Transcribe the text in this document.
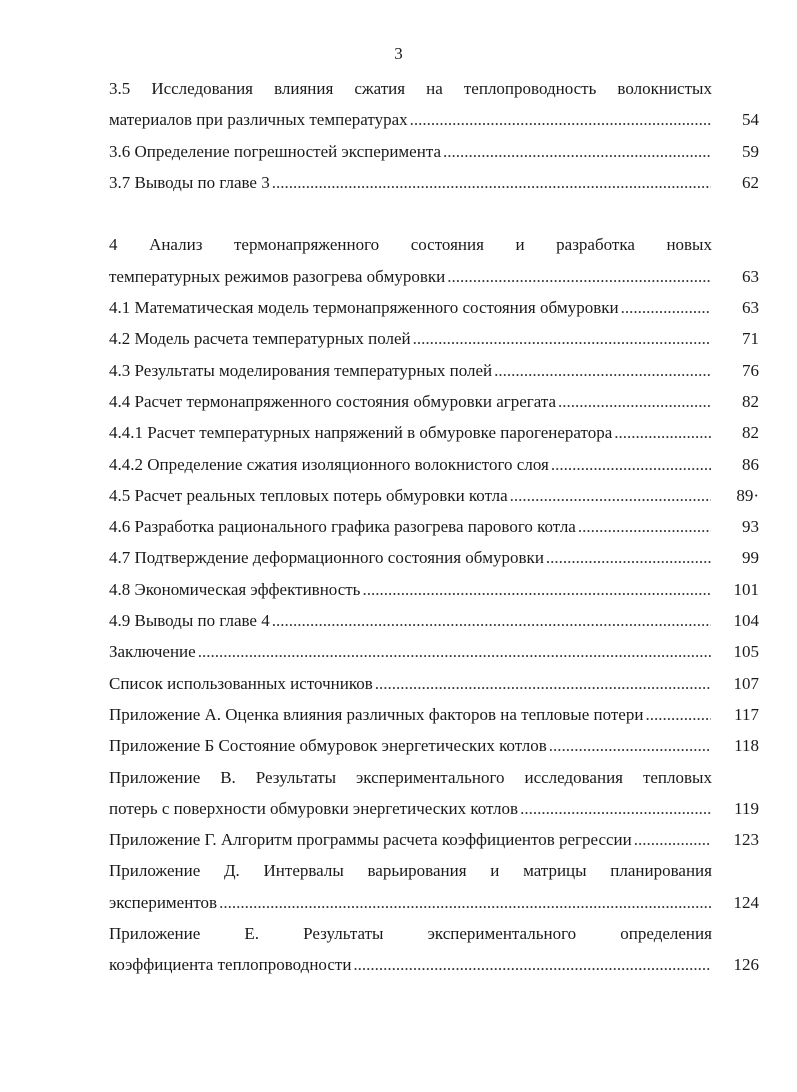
3
3.5 Исследования влияния сжатия на теплопроводность волокнистых
материалов при различных температурах .....	54
3.6 Определение погрешностей эксперимента .....	59
3.7 Выводы по главе 3 .....	62
4 Анализ термонапряженного состояния и разработка новых
температурных режимов разогрева обмуровки .....	63
4.1 Математическая модель термонапряженного состояния обмуровки .....	63
4.2 Модель расчета температурных полей .....	71
4.3 Результаты моделирования температурных полей .....	76
4.4 Расчет термонапряженного состояния обмуровки агрегата .....	82
4.4.1 Расчет температурных напряжений в обмуровке парогенератора .....	82
4.4.2 Определение сжатия изоляционного волокнистого слоя .....	86
4.5 Расчет реальных тепловых потерь обмуровки котла .....	89·
4.6 Разработка рационального графика разогрева парового котла .....	93
4.7 Подтверждение деформационного состояния обмуровки .....	99
4.8 Экономическая эффективность .....	101
4.9 Выводы по главе 4 .....	104
Заключение .....	105
Список использованных источников .....	107
Приложение А. Оценка влияния различных факторов на тепловые потери .....	117
Приложение Б Состояние обмуровок энергетических котлов .....	118
Приложение В. Результаты экспериментального исследования тепловых
потерь с поверхности обмуровки энергетических котлов .....	119
Приложение Г. Алгоритм программы расчета коэффициентов регрессии .....	123
Приложение Д. Интервалы варьирования и матрицы планирования
экспериментов .....	124
Приложение	Е.	Результаты	экспериментального	определения
коэффициента теплопроводности .....	126
